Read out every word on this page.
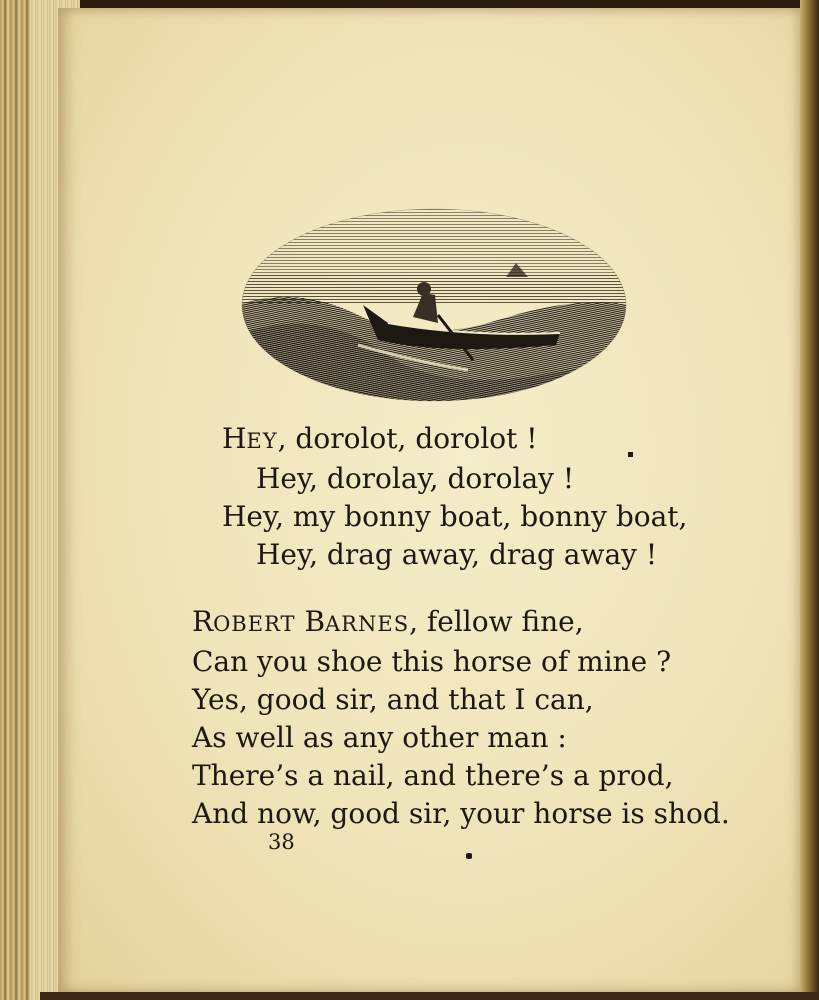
HEY, dorolot, dorolot !
Hey, dorolay, dorolay !
Hey, my bonny boat, bonny boat,
Hey, drag away, drag away !
ROBERT BARNES, fellow fine,
Can you shoe this horse of mine ?
Yes, good sir, and that I can,
As well as any other man :
There’s a nail, and there’s a prod,
And now, good sir, your horse is shod.
38
